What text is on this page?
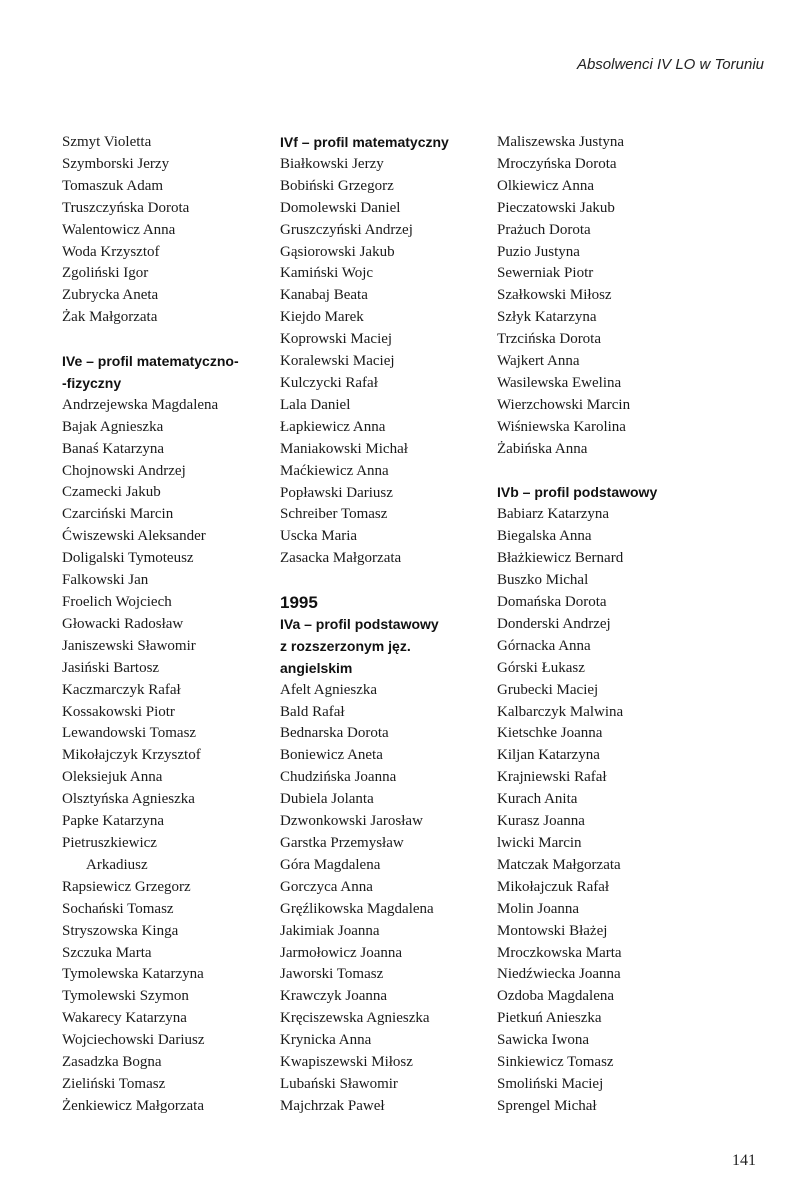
Absolwenci IV LO w Toruniu
Szmyt Violetta
Szymborski Jerzy
Tomaszuk Adam
Truszczyńska Dorota
Walentowicz Anna
Woda Krzysztof
Zgoliński Igor
Zubrycka Aneta
Żak Małgorzata
IVe – profil matematyczno-
-fizyczny
Andrzejewska Magdalena
Bajak Agnieszka
Banaś Katarzyna
Chojnowski Andrzej
Czamecki Jakub
Czarciński Marcin
Ćwiszewski Aleksander
Doligalski Tymoteusz
Falkowski Jan
Froelich Wojciech
Głowacki Radosław
Janiszewski Sławomir
Jasiński Bartosz
Kaczmarczyk Rafał
Kossakowski Piotr
Lewandowski Tomasz
Mikołajczyk Krzysztof
Oleksiejuk Anna
Olsztyńska Agnieszka
Papke Katarzyna
Pietruszkiewicz
Arkadiusz
Rapsiewicz Grzegorz
Sochański Tomasz
Stryszowska Kinga
Szczuka Marta
Tymolewska Katarzyna
Tymolewski Szymon
Wakarecy Katarzyna
Wojciechowski Dariusz
Zasadzka Bogna
Zieliński Tomasz
Żenkiewicz Małgorzata
IVf – profil matematyczny
Białkowski Jerzy
Bobiński Grzegorz
Domolewski Daniel
Gruszczyński Andrzej
Gąsiorowski Jakub
Kamiński Wojc
Kanabaj Beata
Kiejdo Marek
Koprowski Maciej
Koralewski Maciej
Kulczycki Rafał
Lala Daniel
Łapkiewicz Anna
Maniakowski Michał
Maćkiewicz Anna
Popławski Dariusz
Schreiber Tomasz
Uscka Maria
Zasacka Małgorzata
1995
IVa – profil podstawowy
z rozszerzonym jęz.
angielskim
Afelt Agnieszka
Bald Rafał
Bednarska Dorota
Boniewicz Aneta
Chudzińska Joanna
Dubiela Jolanta
Dzwonkowski Jarosław
Garstka Przemysław
Góra Magdalena
Gorczyca Anna
Gręźlikowska Magdalena
Jakimiak Joanna
Jarmołowicz Joanna
Jaworski Tomasz
Krawczyk Joanna
Kręciszewska Agnieszka
Krynicka Anna
Kwapiszewski Miłosz
Lubański Sławomir
Majchrzak Paweł
Maliszewska Justyna
Mroczyńska Dorota
Olkiewicz Anna
Pieczatowski Jakub
Prażuch Dorota
Puzio Justyna
Sewerniak Piotr
Szałkowski Miłosz
Szłyk Katarzyna
Trzcińska Dorota
Wajkert Anna
Wasilewska Ewelina
Wierzchowski Marcin
Wiśniewska Karolina
Żabińska Anna
IVb – profil podstawowy
Babiarz Katarzyna
Biegalska Anna
Błażkiewicz Bernard
Buszko Michal
Domańska Dorota
Donderski Andrzej
Górnacka Anna
Górski Łukasz
Grubecki Maciej
Kalbarczyk Malwina
Kietschke Joanna
Kiljan Katarzyna
Krajniewski Rafał
Kurach Anita
Kurasz Joanna
lwicki Marcin
Matczak Małgorzata
Mikołajczuk Rafał
Molin Joanna
Montowski Błażej
Mroczkowska Marta
Niedźwiecka Joanna
Ozdoba Magdalena
Pietkuń Anieszka
Sawicka Iwona
Sinkiewicz Tomasz
Smoliński Maciej
Sprengel Michał
141
